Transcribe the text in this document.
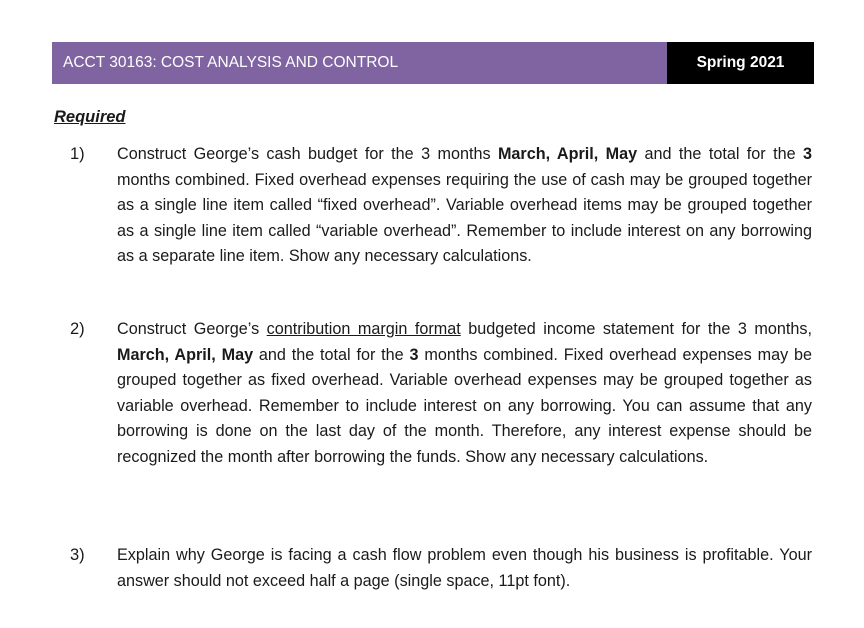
ACCT 30163: COST ANALYSIS AND CONTROL	Spring 2021
Required
1) Construct George’s cash budget for the 3 months March, April, May and the total for the 3 months combined. Fixed overhead expenses requiring the use of cash may be grouped together as a single line item called “fixed overhead”. Variable overhead items may be grouped together as a single line item called “variable overhead”. Remember to include interest on any borrowing as a separate line item. Show any necessary calculations.

2) Construct George’s contribution margin format budgeted income statement for the 3 months, March, April, May and the total for the 3 months combined. Fixed overhead expenses may be grouped together as fixed overhead. Variable overhead expenses may be grouped together as variable overhead. Remember to include interest on any borrowing. You can assume that any borrowing is done on the last day of the month. Therefore, any interest expense should be recognized the month after borrowing the funds. Show any necessary calculations.

3) Explain why George is facing a cash flow problem even though his business is profitable. Your answer should not exceed half a page (single space, 11pt font).
